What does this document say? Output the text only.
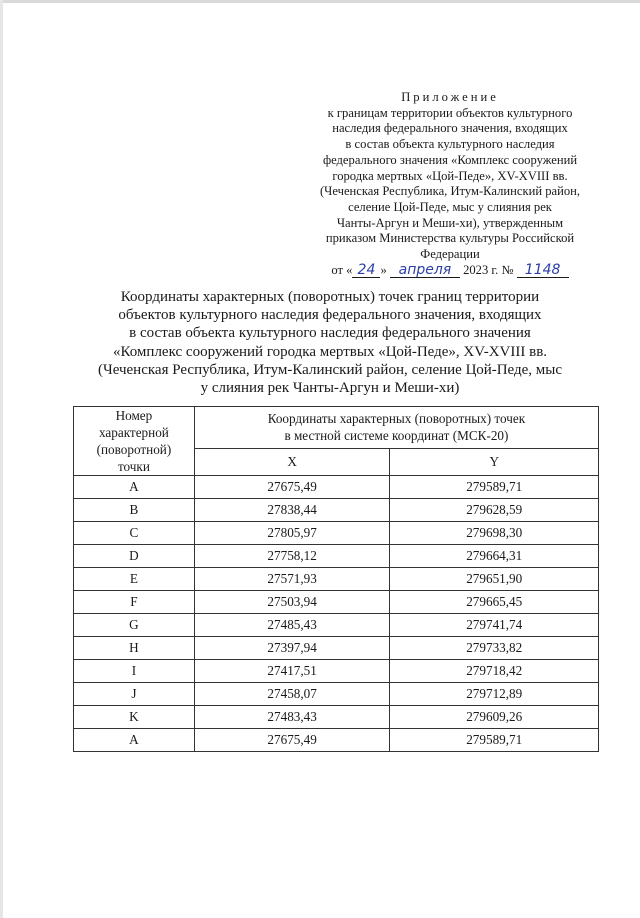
Приложение
к границам территории объектов культурного
наследия федерального значения, входящих
в состав объекта культурного наследия
федерального значения «Комплекс сооружений
городка мертвых «Цой-Педе», XV-XVIII вв.
(Чеченская Республика, Итум-Калинский район,
селение Цой-Педе, мыс у слияния рек
Чанты-Аргун и Меши-хи), утвержденным
приказом Министерства культуры Российской
Федерации
от « 24 » апреля 2023 г. № 1148
Координаты характерных (поворотных) точек границ территории
объектов культурного наследия федерального значения, входящих
в состав объекта культурного наследия федерального значения
«Комплекс сооружений городка мертвых «Цой-Педе», XV-XVIII вв.
(Чеченская Республика, Итум-Калинский район, селение Цой-Педе, мыс
у слияния рек Чанты-Аргун и Меши-хи)
Номер
характерной
(поворотной)
точки	Координаты характерных (поворотных) точек
в местной системе координат (МСК-20)	
	X	Y
A	27675,49	279589,71
B	27838,44	279628,59
C	27805,97	279698,30
D	27758,12	279664,31
E	27571,93	279651,90
F	27503,94	279665,45
G	27485,43	279741,74
H	27397,94	279733,82
I	27417,51	279718,42
J	27458,07	279712,89
K	27483,43	279609,26
A	27675,49	279589,71
